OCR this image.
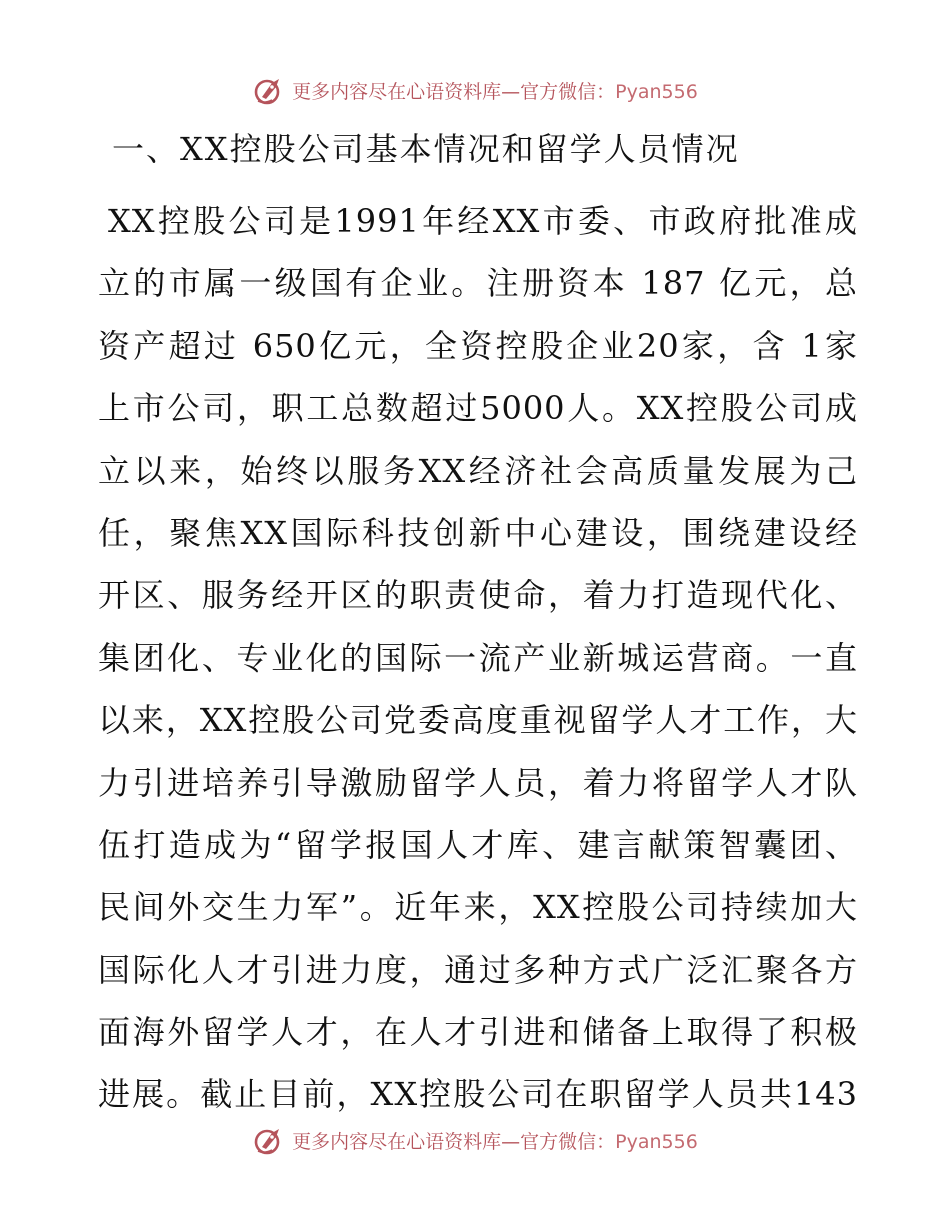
更多内容尽在心语资料库—官方微信：Pyan556
一、XX控股公司基本情况和留学人员情况
XX控股公司是1991年经XX市委、市政府批准成
立的市属一级国有企业。注册资本 187 亿元，总
资产超过 650亿元，全资控股企业20家，含 1家
上市公司，职工总数超过5000人。XX控股公司成
立以来，始终以服务XX经济社会高质量发展为己
任，聚焦XX国际科技创新中心建设，围绕建设经
开区、服务经开区的职责使命，着力打造现代化、
集团化、专业化的国际一流产业新城运营商。一直
以来，XX控股公司党委高度重视留学人才工作，大
力引进培养引导激励留学人员，着力将留学人才队
伍打造成为“留学报国人才库、建言献策智囊团、
民间外交生力军”。近年来，XX控股公司持续加大
国际化人才引进力度，通过多种方式广泛汇聚各方
面海外留学人才，在人才引进和储备上取得了积极
进展。截止目前，XX控股公司在职留学人员共143
更多内容尽在心语资料库—官方微信：Pyan556
